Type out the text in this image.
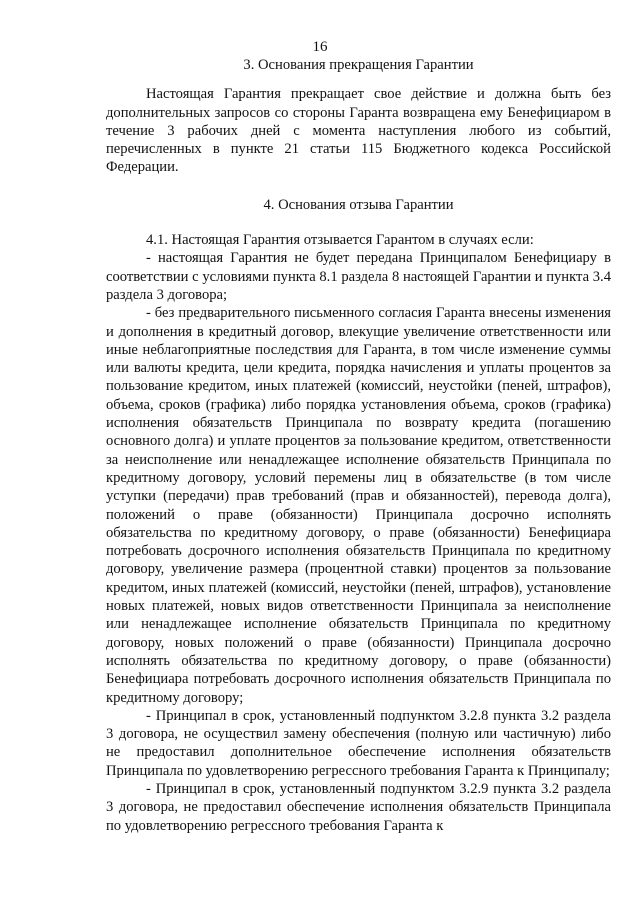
16
3. Основания прекращения Гарантии

Настоящая Гарантия прекращает свое действие и должна быть без дополнительных запросов со стороны Гаранта возвращена ему Бенефициаром в течение 3 рабочих дней с момента наступления любого из событий, перечисленных в пункте 21 статьи 115 Бюджетного кодекса Российской Федерации.

4. Основания отзыва Гарантии

4.1. Настоящая Гарантия отзывается Гарантом в случаях если:

- настоящая Гарантия не будет передана Принципалом Бенефициару в соответствии с условиями пункта 8.1 раздела 8 настоящей Гарантии и пункта 3.4 раздела 3 договора;

- без предварительного письменного согласия Гаранта внесены изменения и дополнения в кредитный договор, влекущие увеличение ответственности или иные неблагоприятные последствия для Гаранта, в том числе изменение суммы или валюты кредита, цели кредита, порядка начисления и уплаты процентов за пользование кредитом, иных платежей (комиссий, неустойки (пеней, штрафов), объема, сроков (графика) либо порядка установления объема, сроков (графика) исполнения обязательств Принципала по возврату кредита (погашению основного долга) и уплате процентов за пользование кредитом, ответственности за неисполнение или ненадлежащее исполнение обязательств Принципала по кредитному договору, условий перемены лиц в обязательстве (в том числе уступки (передачи) прав требований (прав и обязанностей), перевода долга), положений о праве (обязанности) Принципала досрочно исполнять обязательства по кредитному договору, о праве (обязанности) Бенефициара потребовать досрочного исполнения обязательств Принципала по кредитному договору, увеличение размера (процентной ставки) процентов за пользование кредитом, иных платежей (комиссий, неустойки (пеней, штрафов), установление новых платежей, новых видов ответственности Принципала за неисполнение или ненадлежащее исполнение обязательств Принципала по кредитному договору, новых положений о праве (обязанности) Принципала досрочно исполнять обязательства по кредитному договору, о праве (обязанности) Бенефициара потребовать досрочного исполнения обязательств Принципала по кредитному договору;

- Принципал в срок, установленный подпунктом 3.2.8 пункта 3.2 раздела 3 договора, не осуществил замену обеспечения (полную или частичную) либо не предоставил дополнительное обеспечение исполнения обязательств Принципала по удовлетворению регрессного требования Гаранта к Принципалу;

- Принципал в срок, установленный подпунктом 3.2.9 пункта 3.2 раздела 3 договора, не предоставил обеспечение исполнения обязательств Принципала по удовлетворению регрессного требования Гаранта к
